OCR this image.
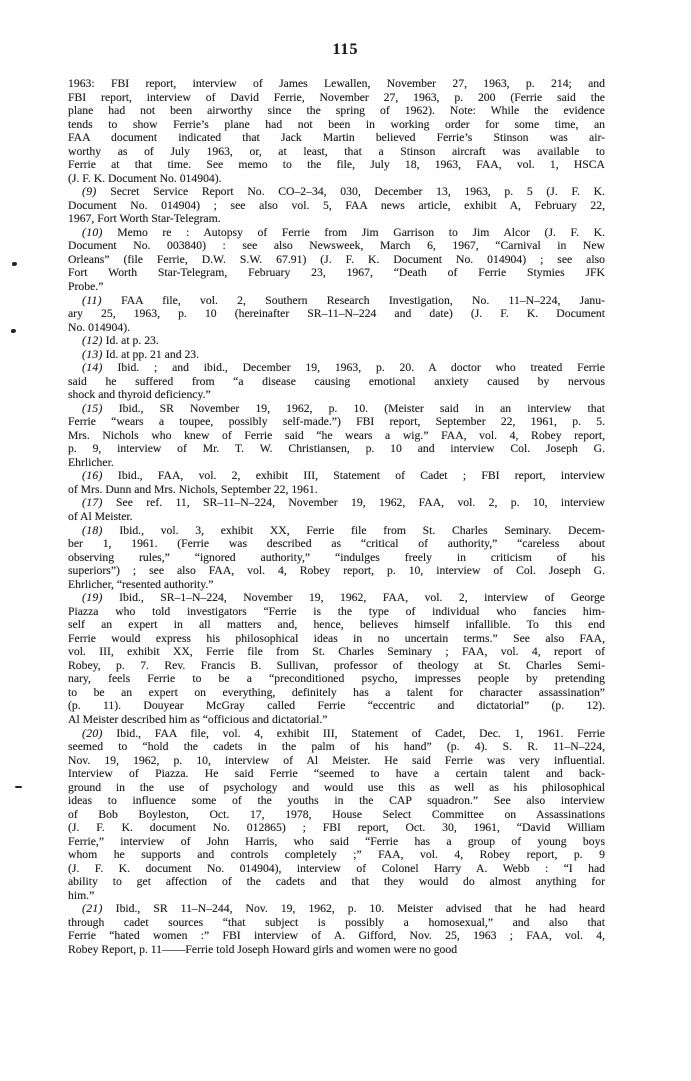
115
1963: FBI report, interview of James Lewallen, November 27, 1963, p. 214; and
FBI report, interview of David Ferrie, November 27, 1963, p. 200 (Ferrie said the
plane had not been airworthy since the spring of 1962). Note: While the evidence
tends to show Ferrie’s plane had not been in working order for some time, an
FAA document indicated that Jack Martin believed Ferrie’s Stinson was air-
worthy as of July 1963, or, at least, that a Stinson aircraft was available to
Ferrie at that time. See memo to the file, July 18, 1963, FAA, vol. 1, HSCA
(J. F. K. Document No. 014904).
(9) Secret Service Report No. CO–2–34, 030, December 13, 1963, p. 5 (J. F. K.
Document No. 014904) ; see also vol. 5, FAA news article, exhibit A, February 22,
1967, Fort Worth Star-Telegram.
(10) Memo re : Autopsy of Ferrie from Jim Garrison to Jim Alcor (J. F. K.
Document No. 003840) : see also Newsweek, March 6, 1967, “Carnival in New
Orleans” (file Ferrie, D.W. S.W. 67.91) (J. F. K. Document No. 014904) ; see also
Fort Worth Star-Telegram, February 23, 1967, “Death of Ferrie Stymies JFK
Probe.”
(11) FAA file, vol. 2, Southern Research Investigation, No. 11–N–224, Janu-
ary 25, 1963, p. 10 (hereinafter SR–11–N–224 and date) (J. F. K. Document
No. 014904).
(12) Id. at p. 23.
(13) Id. at pp. 21 and 23.
(14) Ibid. ; and ibid., December 19, 1963, p. 20. A doctor who treated Ferrie
said he suffered from “a disease causing emotional anxiety caused by nervous
shock and thyroid deficiency.”
(15) Ibid., SR November 19, 1962, p. 10. (Meister said in an interview that
Ferrie “wears a toupee, possibly self-made.”) FBI report, September 22, 1961, p. 5.
Mrs. Nichols who knew of Ferrie said “he wears a wig.” FAA, vol. 4, Robey report,
p. 9, interview of Mr. T. W. Christiansen, p. 10 and interview Col. Joseph G.
Ehrlicher.
(16) Ibid., FAA, vol. 2, exhibit III, Statement of Cadet ; FBI report, interview
of Mrs. Dunn and Mrs. Nichols, September 22, 1961.
(17) See ref. 11, SR–11–N–224, November 19, 1962, FAA, vol. 2, p. 10, interview
of Al Meister.
(18) Ibid., vol. 3, exhibit XX, Ferrie file from St. Charles Seminary. Decem-
ber 1, 1961. (Ferrie was described as “critical of authority,” “careless about
observing rules,” “ignored authority,” “indulges freely in criticism of his
superiors”) ; see also FAA, vol. 4, Robey report, p. 10, interview of Col. Joseph G.
Ehrlicher, “resented authority.”
(19) Ibid., SR–1–N–224, November 19, 1962, FAA, vol. 2, interview of George
Piazza who told investigators “Ferrie is the type of individual who fancies him-
self an expert in all matters and, hence, believes himself infallible. To this end
Ferrie would express his philosophical ideas in no uncertain terms.” See also FAA,
vol. III, exhibit XX, Ferrie file from St. Charles Seminary ; FAA, vol. 4, report of
Robey, p. 7. Rev. Francis B. Sullivan, professor of theology at St. Charles Semi-
nary, feels Ferrie to be a “preconditioned psycho, impresses people by pretending
to be an expert on everything, definitely has a talent for character assassination”
(p. 11). Douyear McGray called Ferrie “eccentric and dictatorial” (p. 12).
Al Meister described him as “officious and dictatorial.”
(20) Ibid., FAA file, vol. 4, exhibit III, Statement of Cadet, Dec. 1, 1961. Ferrie
seemed to “hold the cadets in the palm of his hand” (p. 4). S. R. 11–N–224,
Nov. 19, 1962, p. 10, interview of Al Meister. He said Ferrie was very influential.
Interview of Piazza. He said Ferrie “seemed to have a certain talent and back-
ground in the use of psychology and would use this as well as his philosophical
ideas to influence some of the youths in the CAP squadron.” See also interview
of Bob Boyleston, Oct. 17, 1978, House Select Committee on Assassinations
(J. F. K. document No. 012865) ; FBI report, Oct. 30, 1961, “David William
Ferrie,” interview of John Harris, who said “Ferrie has a group of young boys
whom he supports and controls completely ;” FAA, vol. 4, Robey report, p. 9
(J. F. K. document No. 014904), interview of Colonel Harry A. Webb : “I had
ability to get affection of the cadets and that they would do almost anything for
him.”
(21) Ibid., SR 11–N–244, Nov. 19, 1962, p. 10. Meister advised that he had heard
through cadet sources “that subject is possibly a homosexual,” and also that
Ferrie “hated women :” FBI interview of A. Gifford, Nov. 25, 1963 ; FAA, vol. 4,
Robey Report, p. 11——Ferrie told Joseph Howard girls and women were no good
